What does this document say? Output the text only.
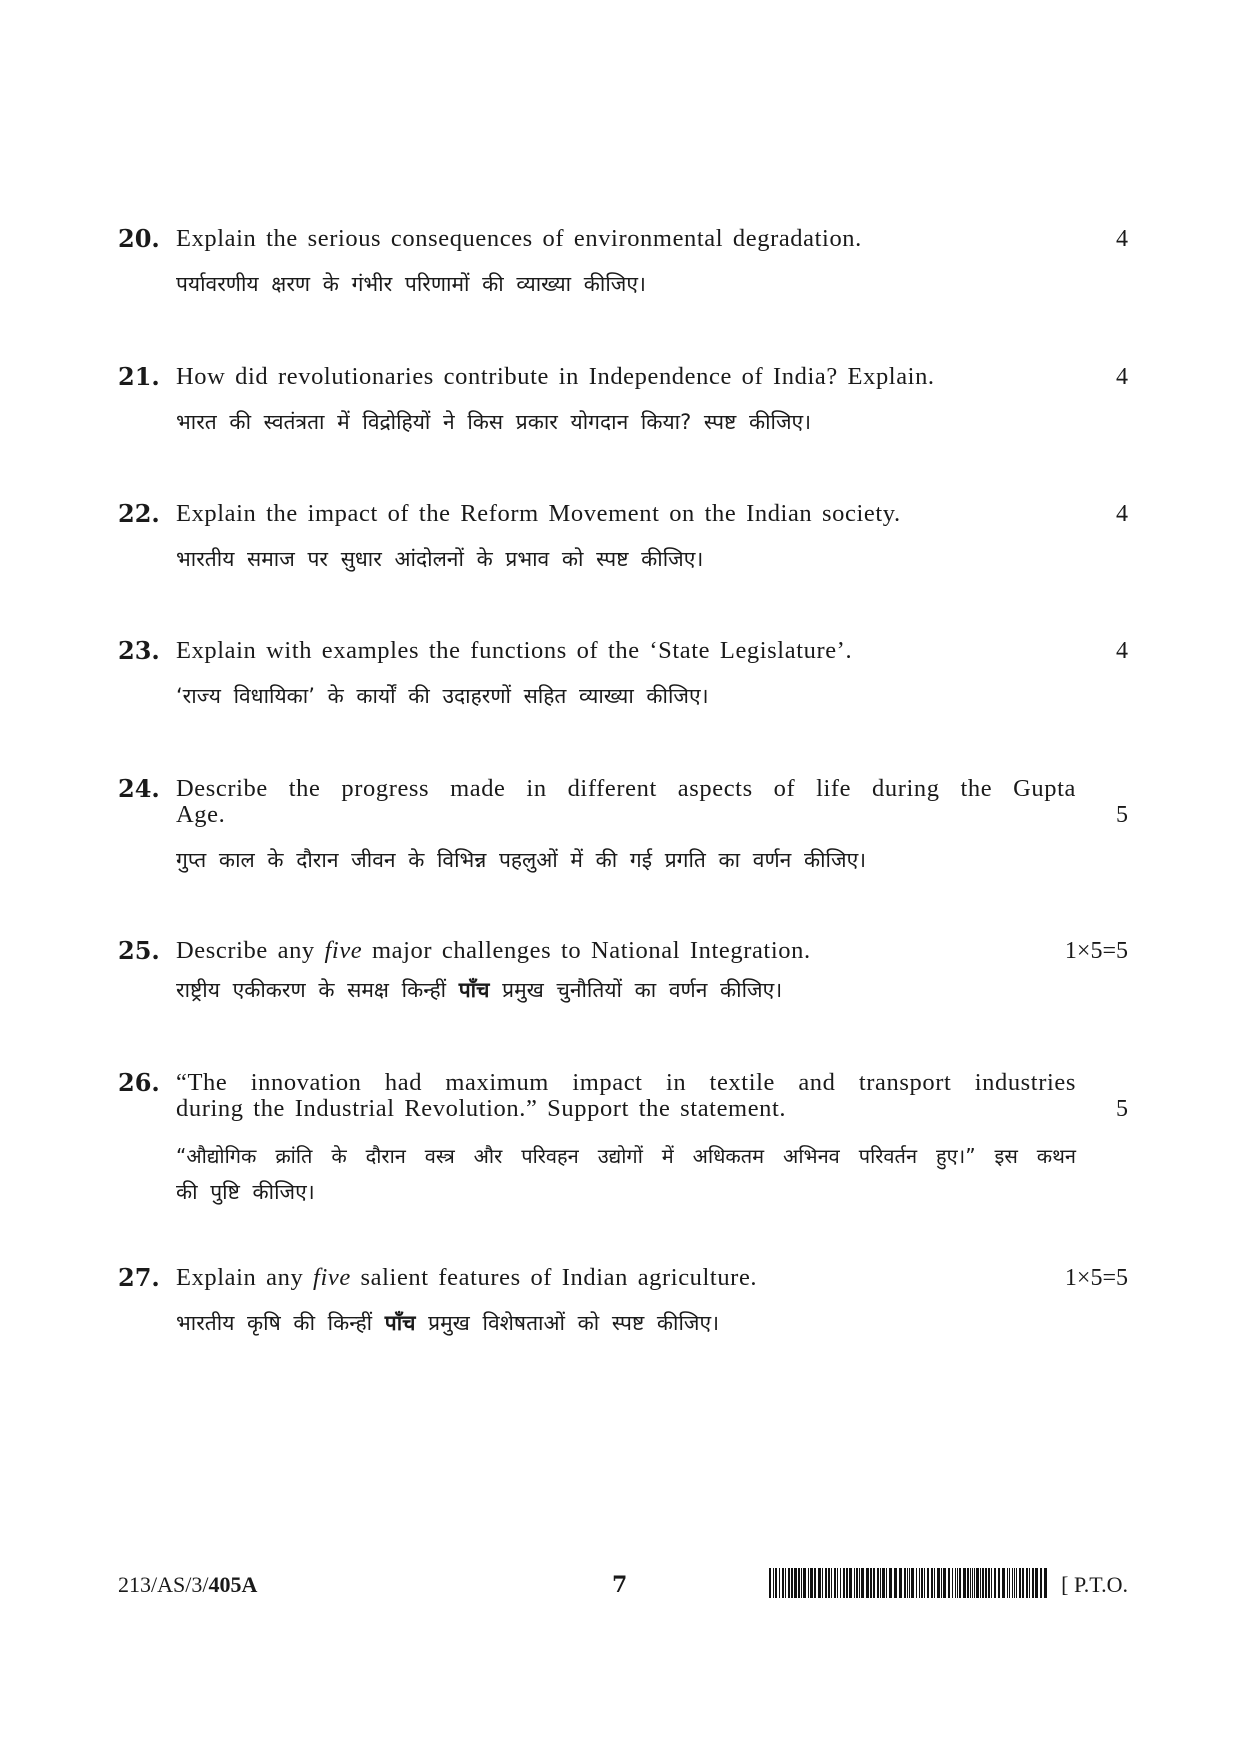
20. Explain the serious consequences of environmental degradation.
पर्यावरणीय क्षरण के गंभीर परिणामों की व्याख्या कीजिए।
4
21. How did revolutionaries contribute in Independence of India? Explain.
भारत की स्वतंत्रता में विद्रोहियों ने किस प्रकार योगदान किया? स्पष्ट कीजिए।
4
22. Explain the impact of the Reform Movement on the Indian society.
भारतीय समाज पर सुधार आंदोलनों के प्रभाव को स्पष्ट कीजिए।
4
23. Explain with examples the functions of the ‘State Legislature’.
‘राज्य विधायिका’ के कार्यों की उदाहरणों सहित व्याख्या कीजिए।
4
24. Describe the progress made in different aspects of life during the Gupta
Age.
गुप्त काल के दौरान जीवन के विभिन्न पहलुओं में की गई प्रगति का वर्णन कीजिए।
5
25. Describe any five major challenges to National Integration.
राष्ट्रीय एकीकरण के समक्ष किन्हीं पाँच प्रमुख चुनौतियों का वर्णन कीजिए।
1×5=5
26. “The innovation had maximum impact in textile and transport industries
during the Industrial Revolution.” Support the statement.
“औद्योगिक क्रांति के दौरान वस्त्र और परिवहन उद्योगों में अधिकतम अभिनव परिवर्तन हुए।” इस कथन
की पुष्टि कीजिए।
5
27. Explain any five salient features of Indian agriculture.
भारतीय कृषि की किन्हीं पाँच प्रमुख विशेषताओं को स्पष्ट कीजिए।
1×5=5
213/AS/3/405A	7	[ P.T.O.
